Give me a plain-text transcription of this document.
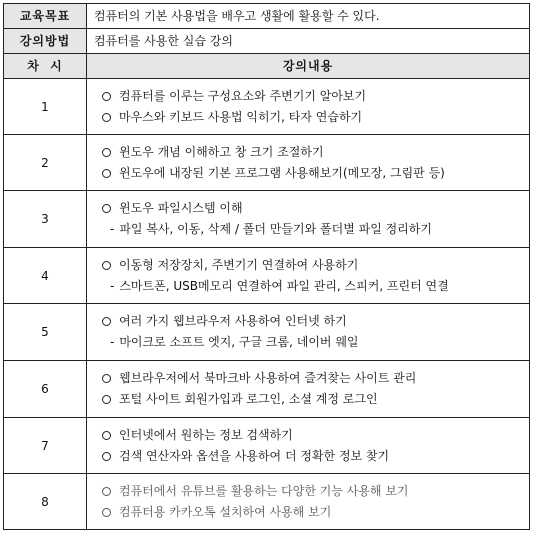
교육목표	컴퓨터의 기본 사용법을 배우고 생활에 활용할 수 있다.
강의방법	컴퓨터를 사용한 실습 강의
차  시	강의내용
1	컴퓨터를 이루는 구성요소와 주변기기 알아보기
마우스와 키보드 사용법 익히기, 타자 연습하기

2	윈도우 개념 이해하고 창 크기 조절하기
윈도우에 내장된 기본 프로그램 사용해보기(메모장, 그림판 등)

3	윈도우 파일시스템 이해
- 파일 복사, 이동, 삭제 / 폴더 만들기와 폴더별 파일 정리하기

4	이동형 저장장치, 주변기기 연결하여 사용하기
- 스마트폰, USB메모리 연결하여 파일 관리, 스피커, 프린터 연결

5	여러 가지 웹브라우저 사용하여 인터넷 하기
- 마이크로 소프트 엣지, 구글 크롬, 네이버 웨일

6	웹브라우저에서 북마크바 사용하여 즐겨찾는 사이트 관리
포털 사이트 회원가입과 로그인, 소셜 계정 로그인

7	인터넷에서 원하는 정보 검색하기
검색 연산자와 옵션을 사용하여 더 정확한 정보 찾기

8	컴퓨터에서 유튜브를 활용하는 다양한 기능 사용해 보기
컴퓨터용 카카오톡 설치하여 사용해 보기
